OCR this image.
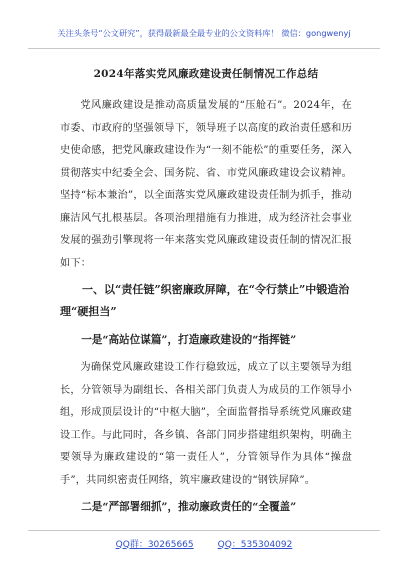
关注头条号“公文研究”，获得最新最全最专业的公文资料库！ 微信：gongwenyj
2024年落实党风廉政建设责任制情况工作总结

党风廉政建设是推动高质量发展的“压舱石”。2024年，在市委、市政府的坚强领导下，领导班子以高度的政治责任感和历史使命感，把党风廉政建设作为“一刻不能松”的重要任务，深入贯彻落实中纪委全会、国务院、省、市党风廉政建设会议精神。坚持“标本兼治”，以全面落实党风廉政建设责任制为抓手，推动廉洁风气扎根基层。各项治理措施有力推进，成为经济社会事业发展的强劲引擎现将一年来落实党风廉政建设责任制的情况汇报如下：

一、以“责任链”织密廉政屏障，在“令行禁止”中锻造治理“硬担当”
一是“高站位谋篇”，打造廉政建设的“指挥链”

为确保党风廉政建设工作行稳致远，成立了以主要领导为组长，分管领导为副组长、各相关部门负责人为成员的工作领导小组，形成顶层设计的“中枢大脑”，全面监督指导系统党风廉政建设工作。与此同时，各乡镇、各部门同步搭建组织架构，明确主要领导为廉政建设的“第一责任人”，分管领导作为具体“操盘手”，共同织密责任网络，筑牢廉政建设的“钢铁屏障”。

二是“严部署细抓”，推动廉政责任的“全覆盖”
QQ群：30265665	QQ：535304092
